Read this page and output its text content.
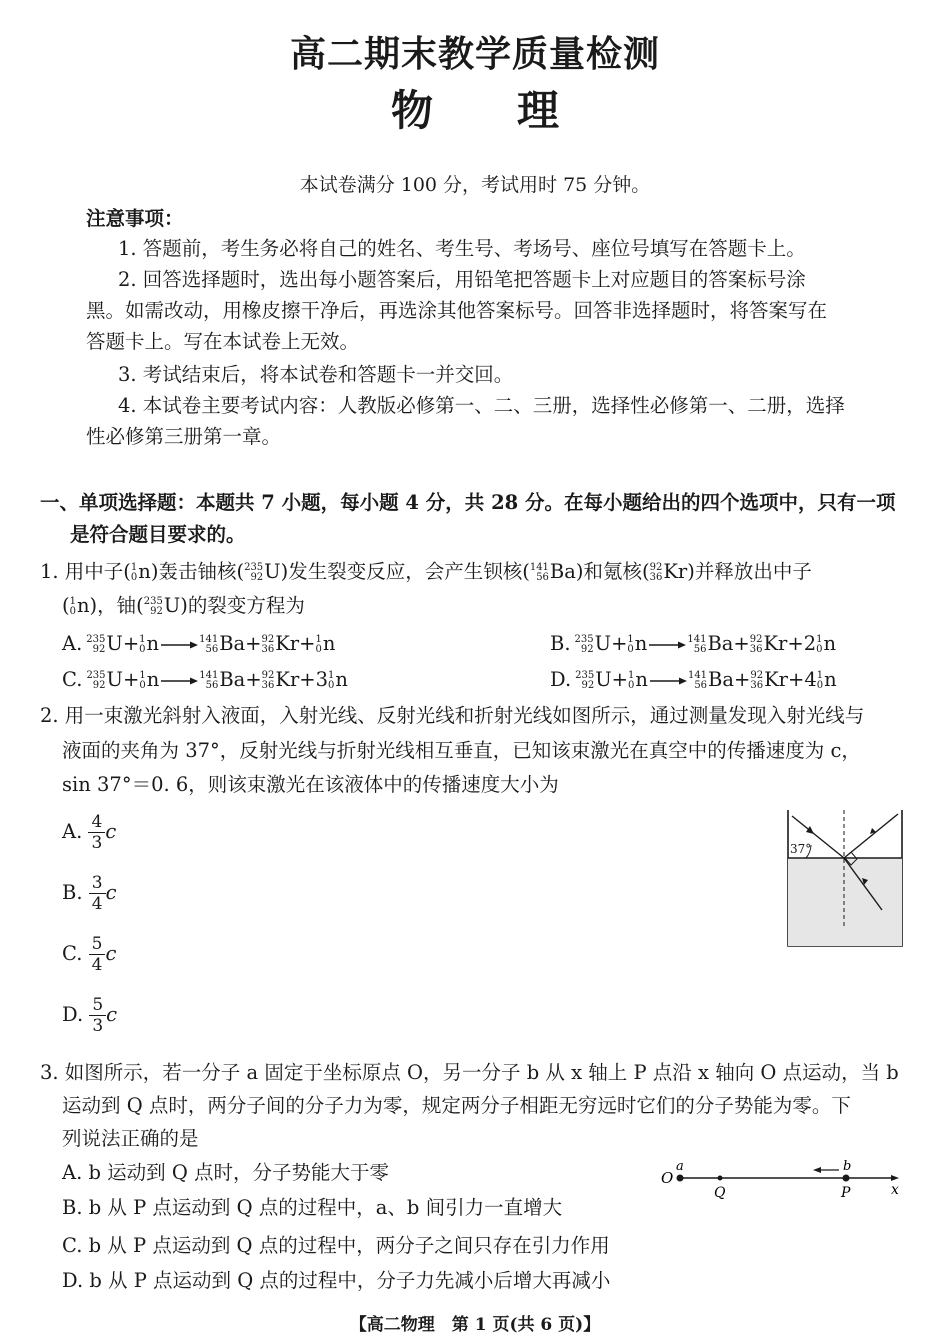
高二期末教学质量检测
物　　理
本试卷满分 100 分，考试用时 75 分钟。
注意事项：
1. 答题前，考生务必将自己的姓名、考生号、考场号、座位号填写在答题卡上。
2. 回答选择题时，选出每小题答案后，用铅笔把答题卡上对应题目的答案标号涂
黑。如需改动，用橡皮擦干净后，再选涂其他答案标号。回答非选择题时，将答案写在
答题卡上。写在本试卷上无效。
3. 考试结束后，将本试卷和答题卡一并交回。
4. 本试卷主要考试内容：人教版必修第一、二、三册，选择性必修第一、二册，选择
性必修第三册第一章。
一、单项选择题：本题共 7 小题，每小题 4 分，共 28 分。在每小题给出的四个选项中，只有一项
是符合题目要求的。
1. 用中子( 1
0 n)轰击铀核( 235
92 U)发生裂变反应，会产生钡核( 141
56 Ba)和氪核( 92
36 Kr)并释放出中子
( 1
0 n)，铀( 235
92 U)的裂变方程为
A. 235
92 U+ 1
0 n→ 141
56 Ba+ 92
36 Kr+ 1
0 n	B. 235
92 U+ 1
0 n→ 141
56 Ba+ 92
36 Kr+2 1
0 n
C. 235
92 U+ 1
0 n→ 141
56 Ba+ 92
36 Kr+3 1
0 n	D. 235
92 U+ 1
0 n→ 141
56 Ba+ 92
36 Kr+4 1
0 n
2. 用一束激光斜射入液面，入射光线、反射光线和折射光线如图所示，通过测量发现入射光线与
液面的夹角为 37°，反射光线与折射光线相互垂直，已知该束激光在真空中的传播速度为 c，
sin 37°＝0. 6，则该束激光在该液体中的传播速度大小为
A. $\frac{4}{3}$ c
B. $\frac{3}{4}$ c
C. $\frac{5}{4}$ c
D. $\frac{5}{3}$ c
37°
3. 如图所示，若一分子 a 固定于坐标原点 O，另一分子 b 从 x 轴上 P 点沿 x 轴向 O 点运动，当 b
运动到 Q 点时，两分子间的分子力为零，规定两分子相距无穷远时它们的分子势能为零。下
列说法正确的是
A. b 运动到 Q 点时，分子势能大于零
B. b 从 P 点运动到 Q 点的过程中，a、b 间引力一直增大
C. b 从 P 点运动到 Q 点的过程中，两分子之间只存在引力作用
D. b 从 P 点运动到 Q 点的过程中，分子力先减小后增大再减小
O
a
Q
b
P	x
【高二物理　第 1 页(共 6 页)】
